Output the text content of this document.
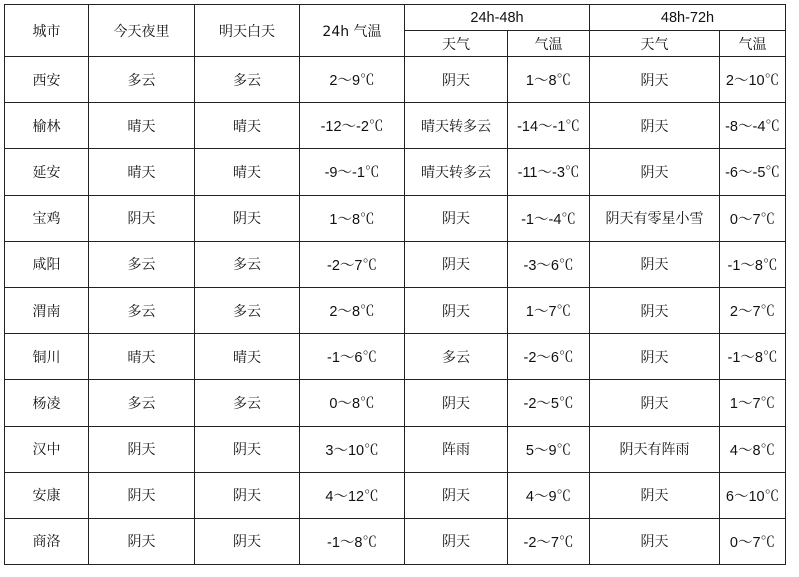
城市	今天夜里	明天白天	24h 气温	24h-48h		48h-72h	
				天气	气温	天气	气温
西安	多云	多云	2～9℃	阴天	1～8℃	阴天	2～10℃
榆林	晴天	晴天	-12～-2℃	晴天转多云	-14～-1℃	阴天	-8～-4℃
延安	晴天	晴天	-9～-1℃	晴天转多云	-11～-3℃	阴天	-6～-5℃
宝鸡	阴天	阴天	1～8℃	阴天	-1～-4℃	阴天有零星小雪	0～7℃
咸阳	多云	多云	-2～7℃	阴天	-3～6℃	阴天	-1～8℃
渭南	多云	多云	2～8℃	阴天	1～7℃	阴天	2～7℃
铜川	晴天	晴天	-1～6℃	多云	-2～6℃	阴天	-1～8℃
杨凌	多云	多云	0～8℃	阴天	-2～5℃	阴天	1～7℃
汉中	阴天	阴天	3～10℃	阵雨	5～9℃	阴天有阵雨	4～8℃
安康	阴天	阴天	4～12℃	阴天	4～9℃	阴天	6～10℃
商洛	阴天	阴天	-1～8℃	阴天	-2～7℃	阴天	0～7℃
